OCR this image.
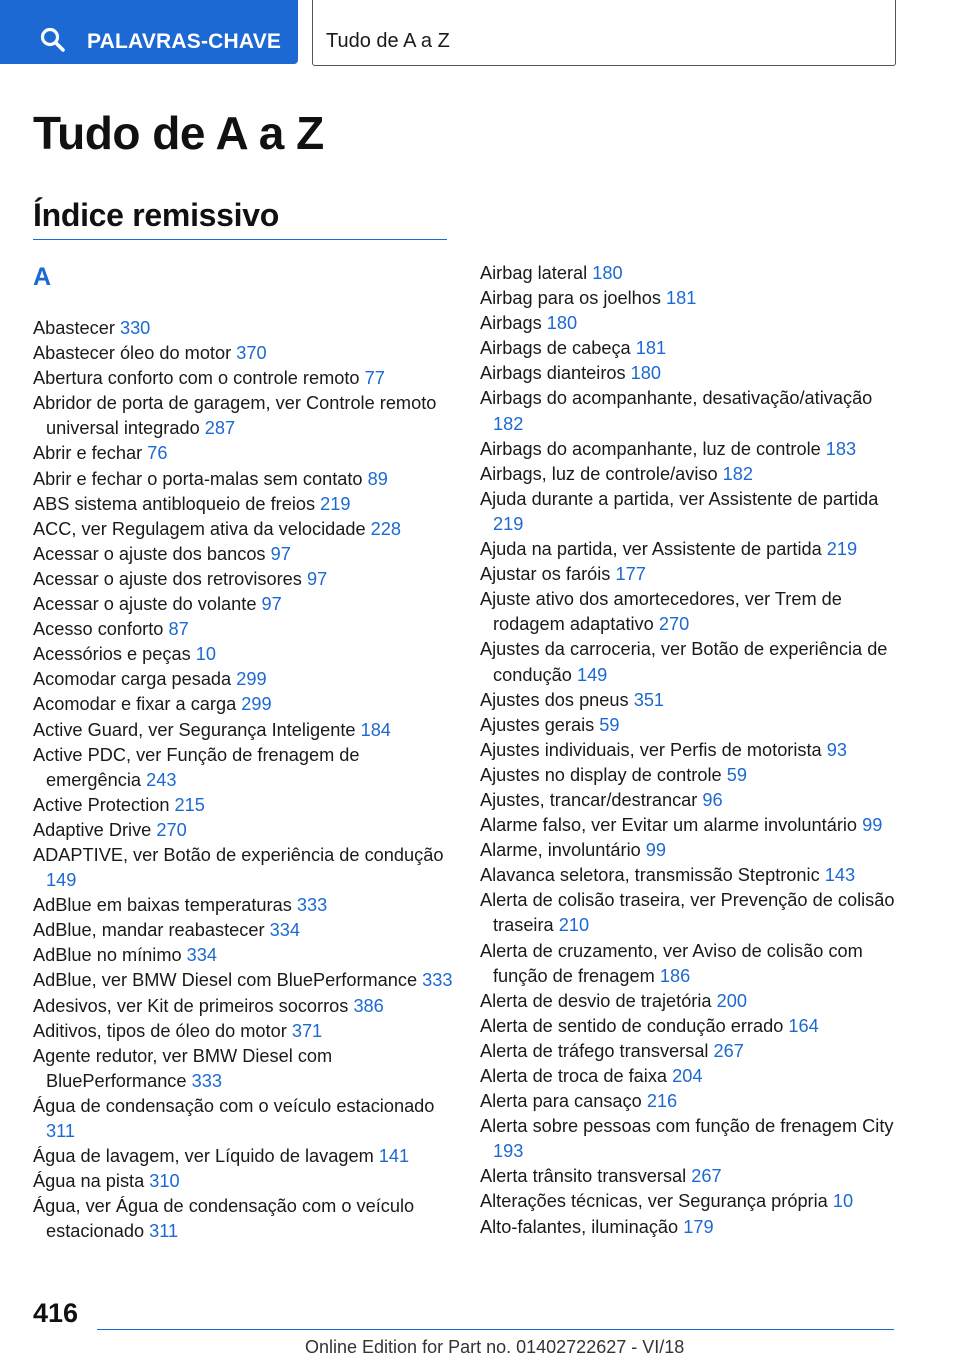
PALAVRAS-CHAVE Tudo de A a Z
Tudo de A a Z
Índice remissivo
A
Abastecer 330
Abastecer óleo do motor 370
Abertura conforto com o controle remoto 77
Abridor de porta de garagem, ver Controle remoto universal integrado 287
Abrir e fechar 76
Abrir e fechar o porta-malas sem contato 89
ABS sistema antibloqueio de freios 219
ACC, ver Regulagem ativa da velocidade 228
Acessar o ajuste dos bancos 97
Acessar o ajuste dos retrovisores 97
Acessar o ajuste do volante 97
Acesso conforto 87
Acessórios e peças 10
Acomodar carga pesada 299
Acomodar e fixar a carga 299
Active Guard, ver Segurança Inteligente 184
Active PDC, ver Função de frenagem de emergência 243
Active Protection 215
Adaptive Drive 270
ADAPTIVE, ver Botão de experiência de condução 149
AdBlue em baixas temperaturas 333
AdBlue, mandar reabastecer 334
AdBlue no mínimo 334
AdBlue, ver BMW Diesel com BluePerformance 333
Adesivos, ver Kit de primeiros socorros 386
Aditivos, tipos de óleo do motor 371
Agente redutor, ver BMW Diesel com BluePerformance 333
Água de condensação com o veículo estacionado 311
Água de lavagem, ver Líquido de lavagem 141
Água na pista 310
Água, ver Água de condensação com o veículo estacionado 311
Airbag lateral 180
Airbag para os joelhos 181
Airbags 180
Airbags de cabeça 181
Airbags dianteiros 180
Airbags do acompanhante, desativação/ativação 182
Airbags do acompanhante, luz de controle 183
Airbags, luz de controle/aviso 182
Ajuda durante a partida, ver Assistente de partida 219
Ajuda na partida, ver Assistente de partida 219
Ajustar os faróis 177
Ajuste ativo dos amortecedores, ver Trem de rodagem adaptativo 270
Ajustes da carroceria, ver Botão de experiência de condução 149
Ajustes dos pneus 351
Ajustes gerais 59
Ajustes individuais, ver Perfis de motorista 93
Ajustes no display de controle 59
Ajustes, trancar/destrancar 96
Alarme falso, ver Evitar um alarme involuntário 99
Alarme, involuntário 99
Alavanca seletora, transmissão Steptronic 143
Alerta de colisão traseira, ver Prevenção de colisão traseira 210
Alerta de cruzamento, ver Aviso de colisão com função de frenagem 186
Alerta de desvio de trajetória 200
Alerta de sentido de condução errado 164
Alerta de tráfego transversal 267
Alerta de troca de faixa 204
Alerta para cansaço 216
Alerta sobre pessoas com função de frenagem City 193
Alerta trânsito transversal 267
Alterações técnicas, ver Segurança própria 10
Alto-falantes, iluminação 179
416
Online Edition for Part no. 01402722627 - VI/18
